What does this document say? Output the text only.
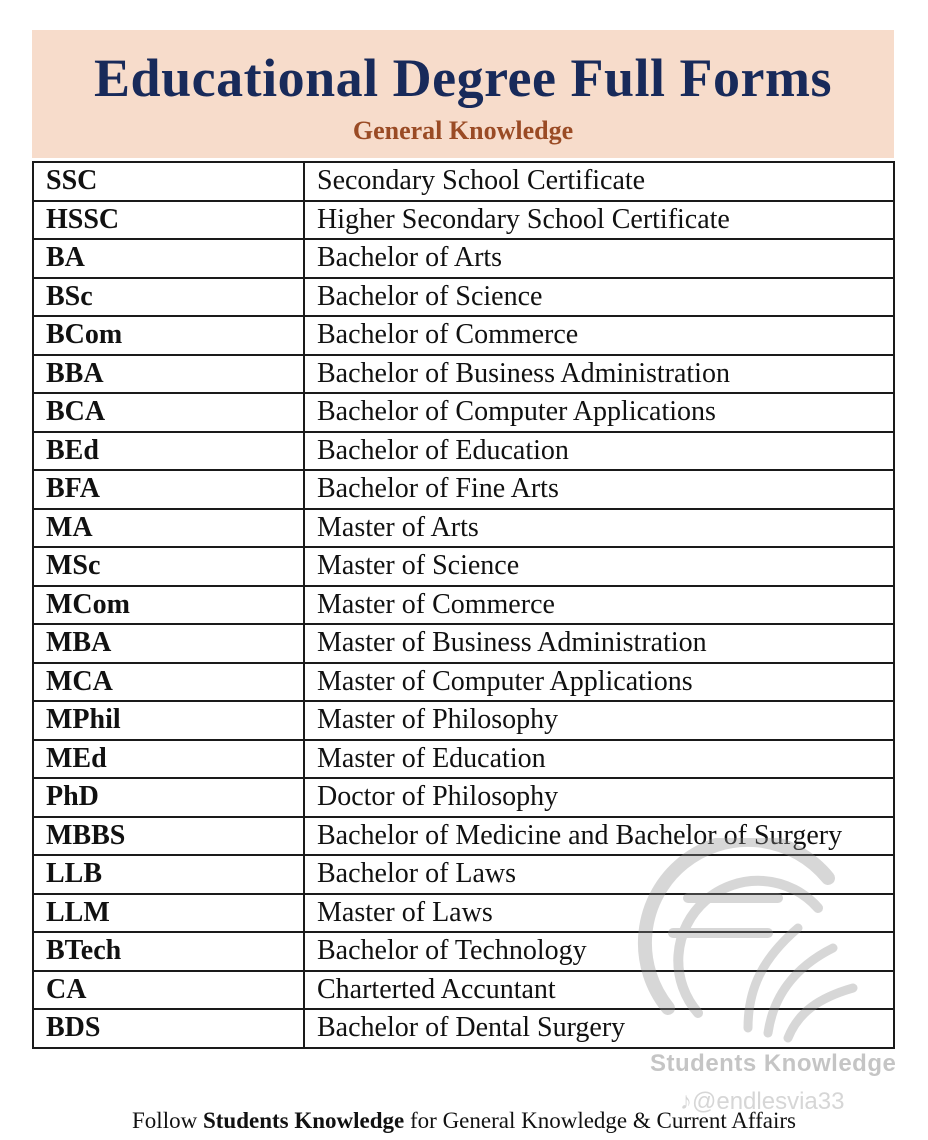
Educational Degree Full Forms
General Knowledge
SSC	Secondary School Certificate
HSSC	Higher Secondary School Certificate
BA	Bachelor of Arts
BSc	Bachelor of Science
BCom	Bachelor of Commerce
BBA	Bachelor of Business Administration
BCA	Bachelor of Computer Applications
BEd	Bachelor of Education
BFA	Bachelor of Fine Arts
MA	Master of Arts
MSc	Master of Science
MCom	Master of Commerce
MBA	Master of Business Administration
MCA	Master of Computer Applications
MPhil	Master of Philosophy
MEd	Master of Education
PhD	Doctor of Philosophy
MBBS	Bachelor of Medicine and Bachelor of Surgery
LLB	Bachelor of Laws
LLM	Master of Laws
BTech	Bachelor of Technology
CA	Charterted Accuntant
BDS	Bachelor of Dental Surgery
Students Knowledge
♪@endlesvia33
Follow Students Knowledge for General Knowledge & Current Affairs
